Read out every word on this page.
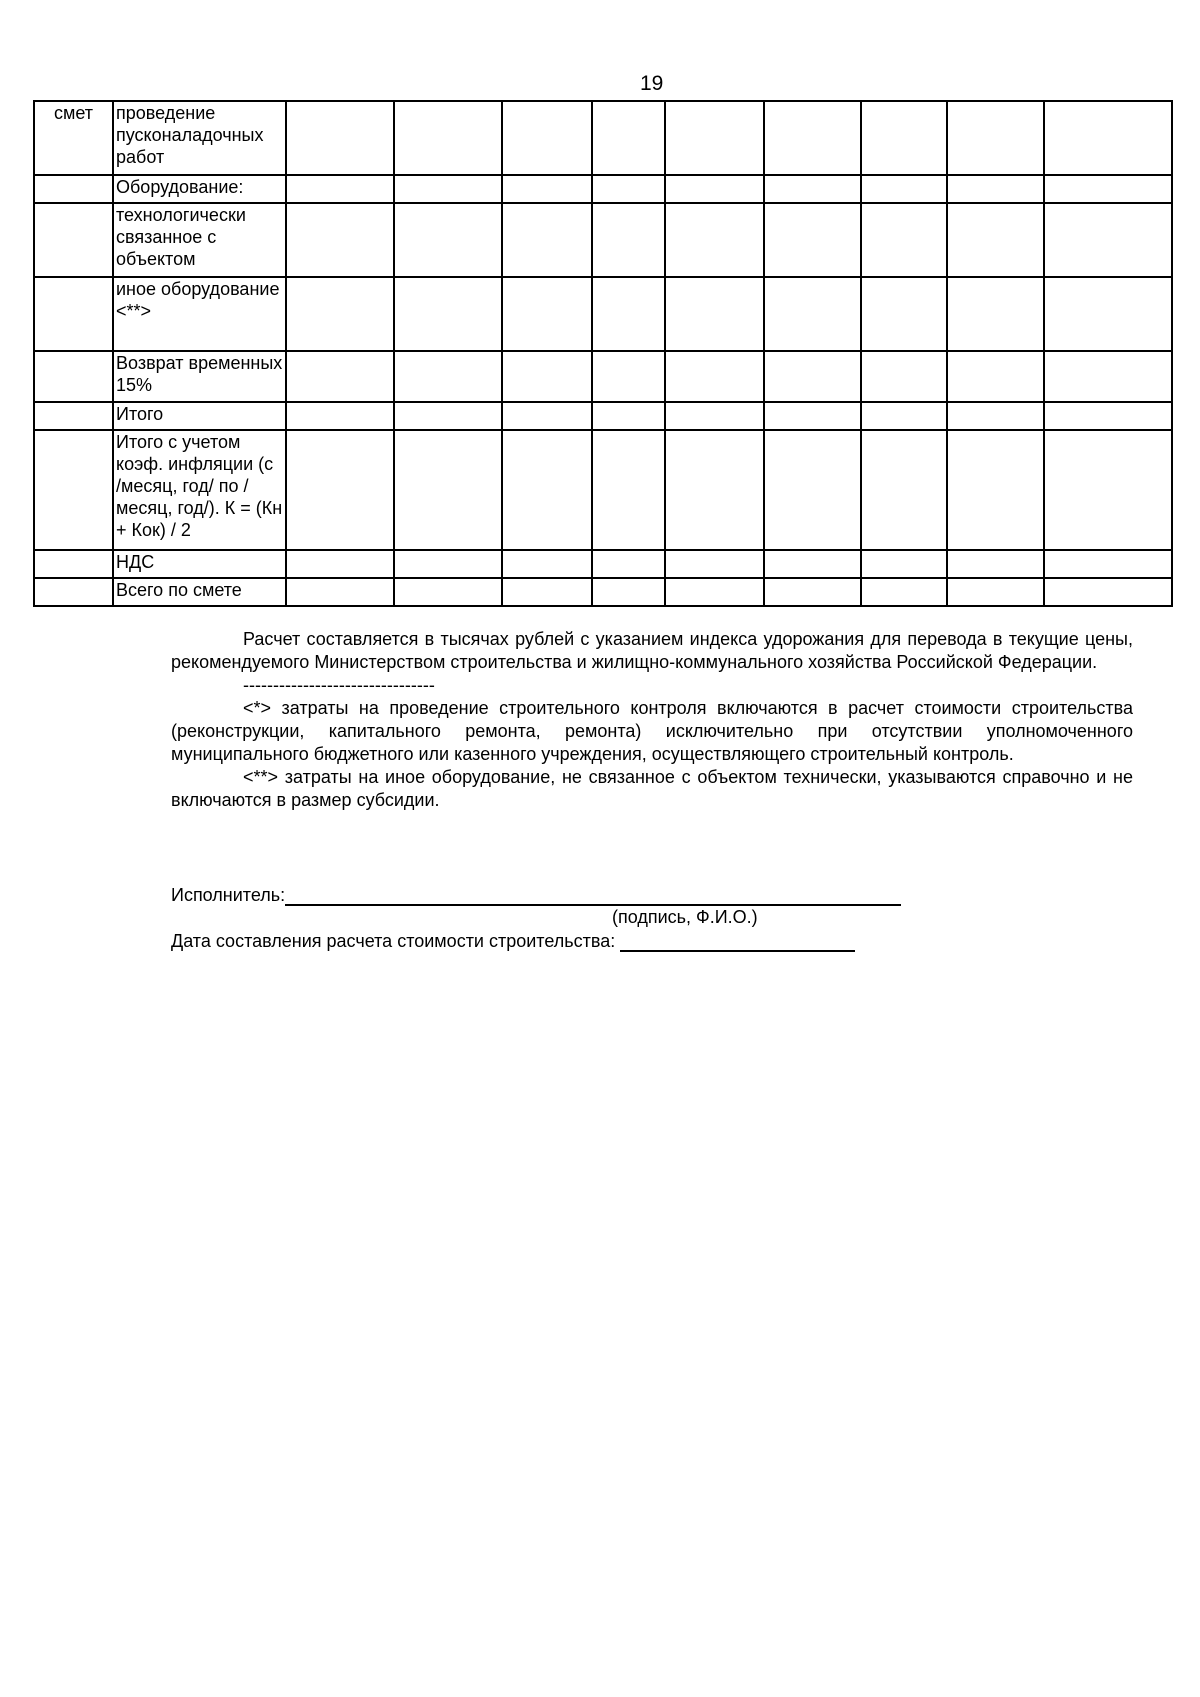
19
смет	проведение пусконаладочных работ									
	Оборудование:									
	технологически связанное с объектом									
	иное оборудование <**>									
	Возврат временных 15%									
	Итого									
	Итого с учетом коэф. инфляции (с /месяц, год/ по /месяц, год/). К = (Кн + Кок) / 2									
	НДС									
	Всего по смете									

Расчет составляется в тысячах рублей с указанием индекса удорожания для перевода в текущие цены, рекомендуемого Министерством строительства и жилищно-коммунального хозяйства Российской Федерации.

--------------------------------

<*> затраты на проведение строительного контроля включаются в расчет стоимости строительства (реконструкции, капитального ремонта, ремонта) исключительно при отсутствии уполномоченного муниципального бюджетного или казенного учреждения, осуществляющего строительный контроль.

<**> затраты на иное оборудование, не связанное с объектом технически, указываются справочно и не включаются в размер субсидии.

Исполнитель:
(подпись, Ф.И.О.)
Дата составления расчета стоимости строительства:
